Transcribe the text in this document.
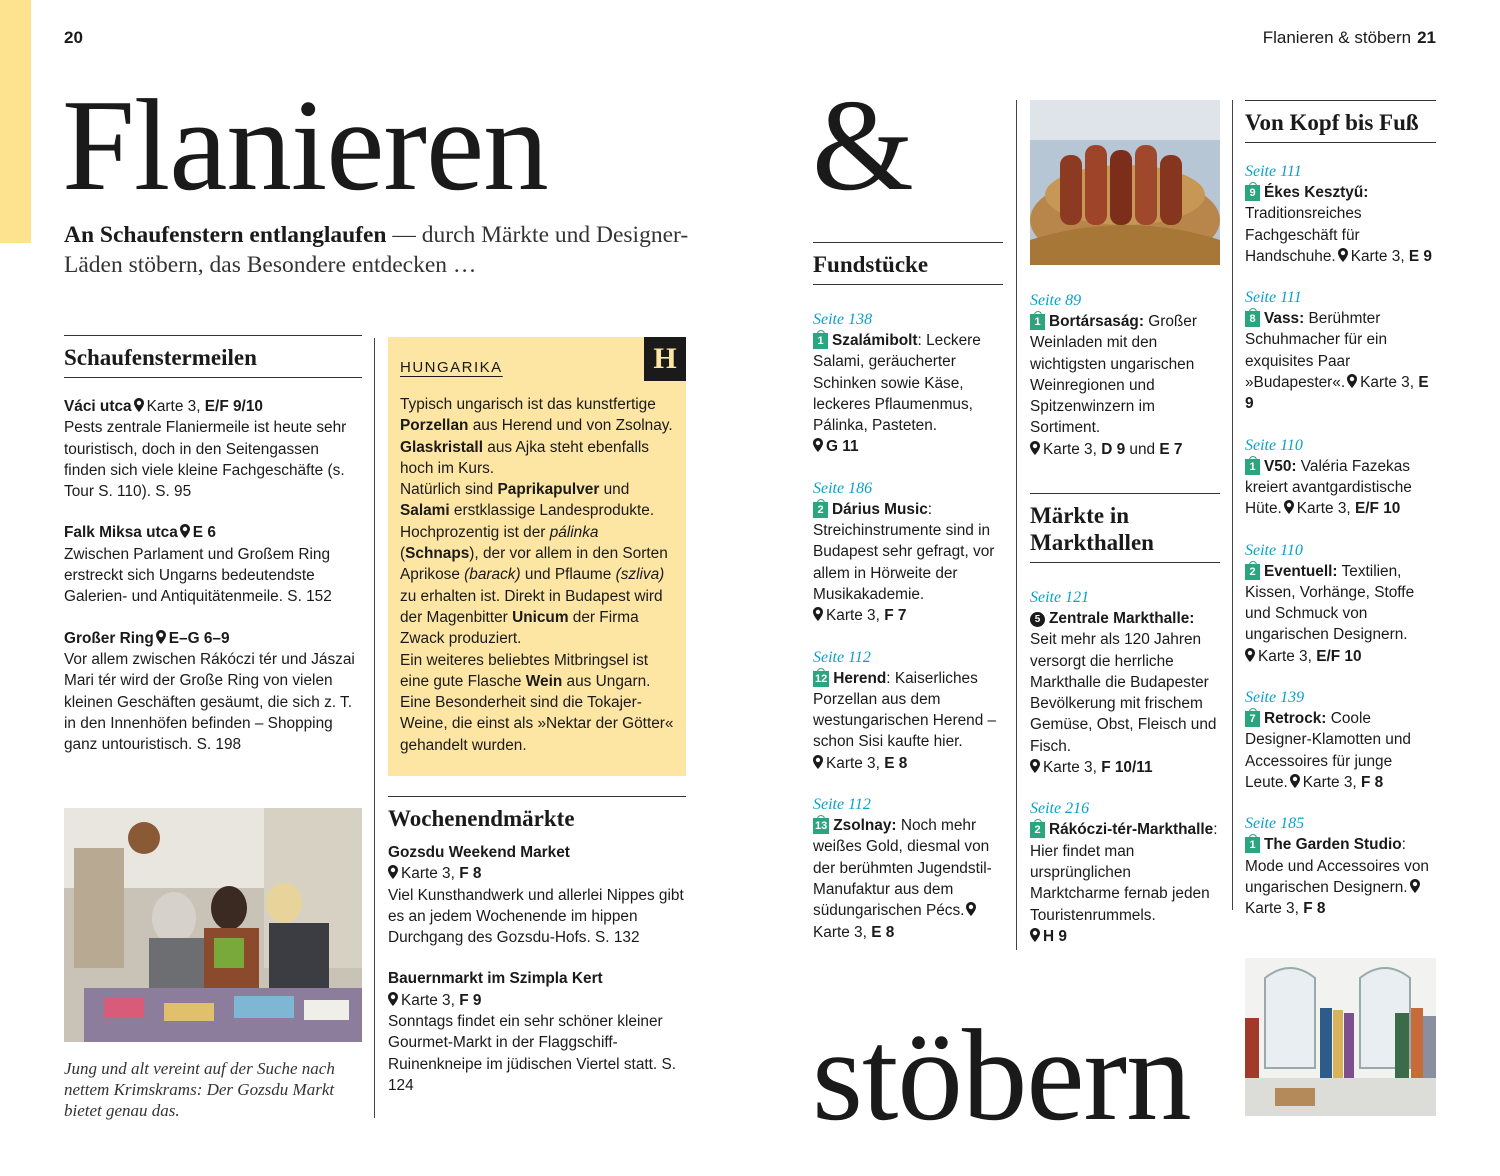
20	Flanieren & stöbern 21
Flanieren &
stöbern
An Schaufenstern entlanglaufen — durch Märkte und Designer-Läden stöbern, das Besondere entdecken …
Schaufenstermeilen
Váci utca Karte 3, E/F 9/10
Pests zentrale Flaniermeile ist heute sehr touristisch, doch in den Seitengassen finden sich viele kleine Fachgeschäfte (s. Tour S. 110). S. 95
Falk Miksa utca E 6
Zwischen Parlament und Großem Ring erstreckt sich Ungarns bedeutendste Galerien- und Antiquitätenmeile. S. 152
Großer Ring E–G 6–9
Vor allem zwischen Rákóczi tér und Jászai Mari tér wird der Große Ring von vielen kleinen Geschäften gesäumt, die sich z. T. in den Innenhöfen befinden – Shopping ganz untouristisch. S. 198
Jung und alt vereint auf der Suche nach nettem Krimskrams: Der Gozsdu Markt bietet genau das.
H
HUNGARIKA
Typisch ungarisch ist das kunstfertige Porzellan aus Herend und von Zsolnay. Glaskristall aus Ajka steht ebenfalls hoch im Kurs.
Natürlich sind Paprikapulver und Salami erstklassige Landesprodukte. Hochprozentig ist der pálinka (Schnaps), der vor allem in den Sorten Aprikose (barack) und Pflaume (szliva) zu erhalten ist. Direkt in Budapest wird der Magenbitter Unicum der Firma Zwack produziert.
Ein weiteres beliebtes Mitbringsel ist eine gute Flasche Wein aus Ungarn. Eine Besonderheit sind die Tokajer-Weine, die einst als »Nektar der Götter« gehandelt wurden.
Wochenendmärkte
Gozsdu Weekend Market

Karte 3, F 8
Viel Kunsthandwerk und allerlei Nippes gibt es an jedem Wochenende im hippen Durchgang des Gozsdu-Hofs. S. 132
Bauernmarkt im Szimpla Kert

Karte 3, F 9
Sonntags findet ein sehr schöner kleiner Gourmet-Markt in der Flaggschiff-Ruinenkneipe im jüdischen Viertel statt. S. 124
Fundstücke
Seite 138
1 Szalámibolt: Leckere Salami, geräucherter Schinken sowie Käse, leckeres Pflaumenmus, Pálinka, Pasteten.

G 11
Seite 186
2 Dárius Music: Streichinstrumente sind in Budapest sehr gefragt, vor allem in Hörweite der Musikakademie.

Karte 3, F 7
Seite 112
12 Herend: Kaiserliches Porzellan aus dem westungarischen Herend – schon Sisi kaufte hier.

Karte 3, E 8
Seite 112
13 Zsolnay: Noch mehr weißes Gold, diesmal von der berühmten Jugendstil-Manufaktur aus dem südungarischen Pécs.
Karte 3, E 8
Seite 89
1 Bortársaság: Großer Weinladen mit den wichtigsten ungarischen Weinregionen und Spitzenwinzern im Sortiment.

Karte 3, D 9 und E 7
Märkte in Markthallen
Seite 121
5 Zentrale Markthalle: Seit mehr als 120 Jahren versorgt die herrliche Markthalle die Budapester Bevölkerung mit frischem Gemüse, Obst, Fleisch und Fisch.

Karte 3, F 10/11
Seite 216
2 Rákóczi-tér-Markthalle: Hier findet man ursprünglichen Marktcharme fernab jeden Touristenrummels.

H 9
Von Kopf bis Fuß
Seite 111
9 Ékes Kesztyű: Traditionsreiches Fachgeschäft für Handschuhe. Karte 3, E 9
Seite 111
8 Vass: Berühmter Schuhmacher für ein exquisites Paar »Budapester«. Karte 3, E 9
Seite 110
1 V50: Valéria Fazekas kreiert avantgardistische Hüte. Karte 3, E/F 10
Seite 110
2 Eventuell: Textilien, Kissen, Vorhänge, Stoffe und Schmuck von ungarischen Designern.

Karte 3, E/F 10
Seite 139
7 Retrock: Coole Designer-Klamotten und Accessoires für junge Leute. Karte 3, F 8
Seite 185
1 The Garden Studio: Mode und Accessoires von ungarischen Designern.
Karte 3, F 8
